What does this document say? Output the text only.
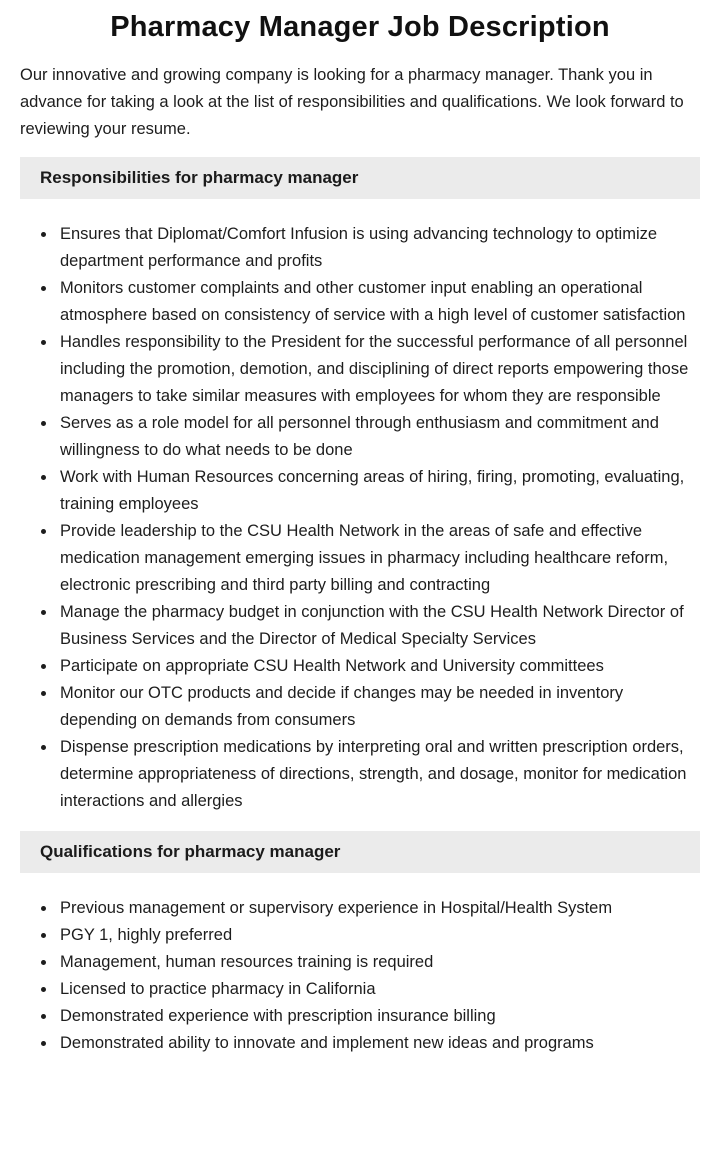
Pharmacy Manager Job Description

Our innovative and growing company is looking for a pharmacy manager. Thank you in advance for taking a look at the list of responsibilities and qualifications. We look forward to reviewing your resume.

Responsibilities for pharmacy manager
Ensures that Diplomat/Comfort Infusion is using advancing technology to optimize department performance and profits
Monitors customer complaints and other customer input enabling an operational atmosphere based on consistency of service with a high level of customer satisfaction
Handles responsibility to the President for the successful performance of all personnel including the promotion, demotion, and disciplining of direct reports empowering those managers to take similar measures with employees for whom they are responsible
Serves as a role model for all personnel through enthusiasm and commitment and willingness to do what needs to be done
Work with Human Resources concerning areas of hiring, firing, promoting, evaluating, training employees
Provide leadership to the CSU Health Network in the areas of safe and effective medication management emerging issues in pharmacy including healthcare reform, electronic prescribing and third party billing and contracting
Manage the pharmacy budget in conjunction with the CSU Health Network Director of Business Services and the Director of Medical Specialty Services
Participate on appropriate CSU Health Network and University committees
Monitor our OTC products and decide if changes may be needed in inventory depending on demands from consumers
Dispense prescription medications by interpreting oral and written prescription orders, determine appropriateness of directions, strength, and dosage, monitor for medication interactions and allergies
Qualifications for pharmacy manager
Previous management or supervisory experience in Hospital/Health System
PGY 1, highly preferred
Management, human resources training is required
Licensed to practice pharmacy in California
Demonstrated experience with prescription insurance billing
Demonstrated ability to innovate and implement new ideas and programs
